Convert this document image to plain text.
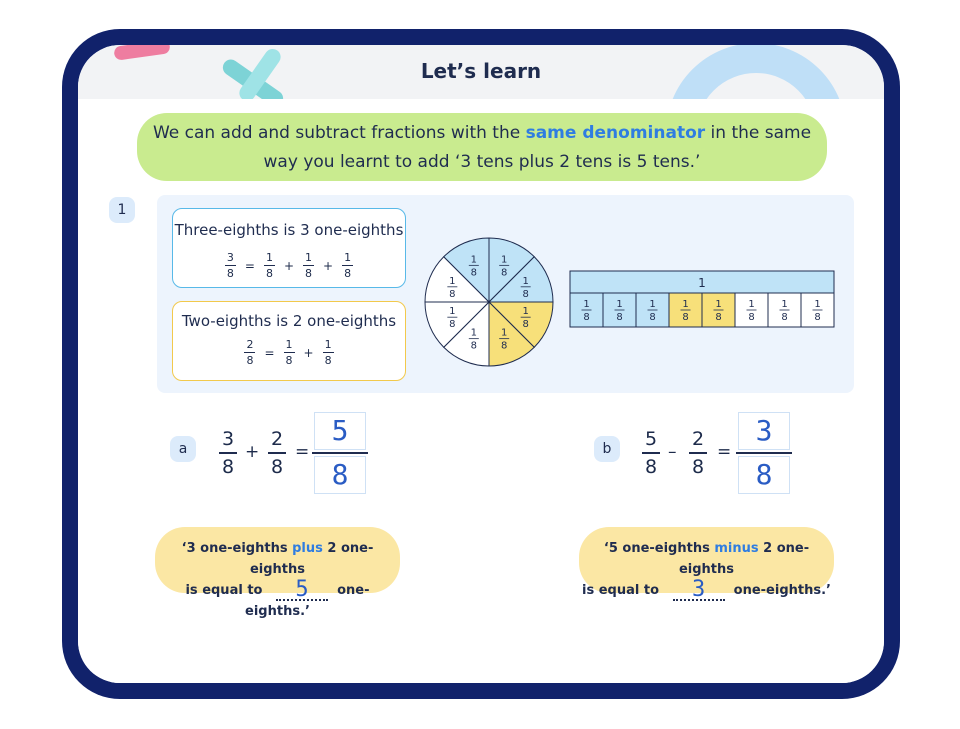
Let’s learn
We can add and subtract fractions with the same denominator in the same way you learnt to add ‘3 tens plus 2 tens is 5 tens.’
1
Three-eighths is 3 one-eighths
$\frac{3}{8} = \frac{1}{8} + \frac{1}{8} + \frac{1}{8}$
Two-eighths is 2 one-eighths
$\frac{2}{8} = \frac{1}{8} + \frac{1}{8}$
1
8
1
8
1
8
1
8
1
8
1
8
1
8
1
8
1
1
8
1
8
1
8
1
8
1
8
1
8
1
8
1
8
a	3
8
+
2
8
=
5
8
b	5
8
–
2
8
=
3
8
‘3 one-eighths plus 2 one-eighths
is equal to 5 one-eighths.’
‘5 one-eighths minus 2 one-eighths
is equal to 3 one-eighths.’
